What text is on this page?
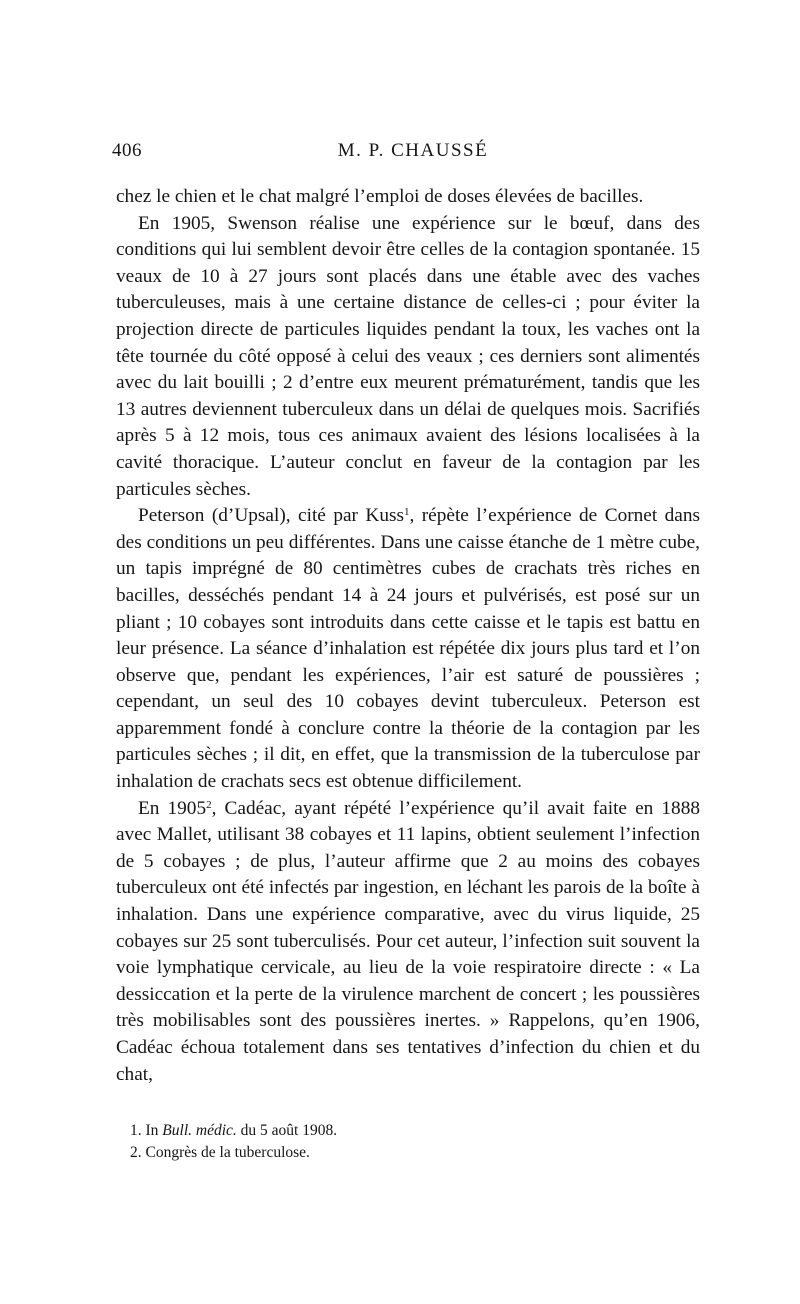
406	M. P. CHAUSSÉ

chez le chien et le chat malgré l’emploi de doses élevées de bacilles.

En 1905, Swenson réalise une expérience sur le bœuf, dans des conditions qui lui semblent devoir être celles de la contagion spontanée. 15 veaux de 10 à 27 jours sont placés dans une étable avec des vaches tuberculeuses, mais à une certaine distance de celles-ci ; pour éviter la projection directe de particules liquides pendant la toux, les vaches ont la tête tournée du côté opposé à celui des veaux ; ces derniers sont alimentés avec du lait bouilli ; 2 d’entre eux meurent prématurément, tandis que les 13 autres deviennent tuberculeux dans un délai de quelques mois. Sacrifiés après 5 à 12 mois, tous ces animaux avaient des lésions localisées à la cavité thoracique. L’auteur conclut en faveur de la contagion par les particules sèches.

Peterson (d’Upsal), cité par Kuss$^1$, répète l’expérience de Cornet dans des conditions un peu différentes. Dans une caisse étanche de 1 mètre cube, un tapis imprégné de 80 centimètres cubes de crachats très riches en bacilles, desséchés pendant 14 à 24 jours et pulvérisés, est posé sur un pliant ; 10 cobayes sont introduits dans cette caisse et le tapis est battu en leur présence. La séance d’inhalation est répétée dix jours plus tard et l’on observe que, pendant les expériences, l’air est saturé de poussières ; cependant, un seul des 10 cobayes devint tuberculeux. Peterson est apparemment fondé à conclure contre la théorie de la contagion par les particules sèches ; il dit, en effet, que la transmission de la tuberculose par inhalation de crachats secs est obtenue difficilement.

En 1905$^2$, Cadéac, ayant répété l’expérience qu’il avait faite en 1888 avec Mallet, utilisant 38 cobayes et 11 lapins, obtient seulement l’infection de 5 cobayes ; de plus, l’auteur affirme que 2 au moins des cobayes tuberculeux ont été infectés par ingestion, en léchant les parois de la boîte à inhalation. Dans une expérience comparative, avec du virus liquide, 25 cobayes sur 25 sont tuberculisés. Pour cet auteur, l’infection suit souvent la voie lymphatique cervicale, au lieu de la voie respiratoire directe : « La dessiccation et la perte de la virulence marchent de concert ; les poussières très mobilisables sont des poussières inertes. » Rappelons, qu’en 1906, Cadéac échoua totalement dans ses tentatives d’infection du chien et du chat,

1. In Bull. médic. du 5 août 1908.

2. Congrès de la tuberculose.
